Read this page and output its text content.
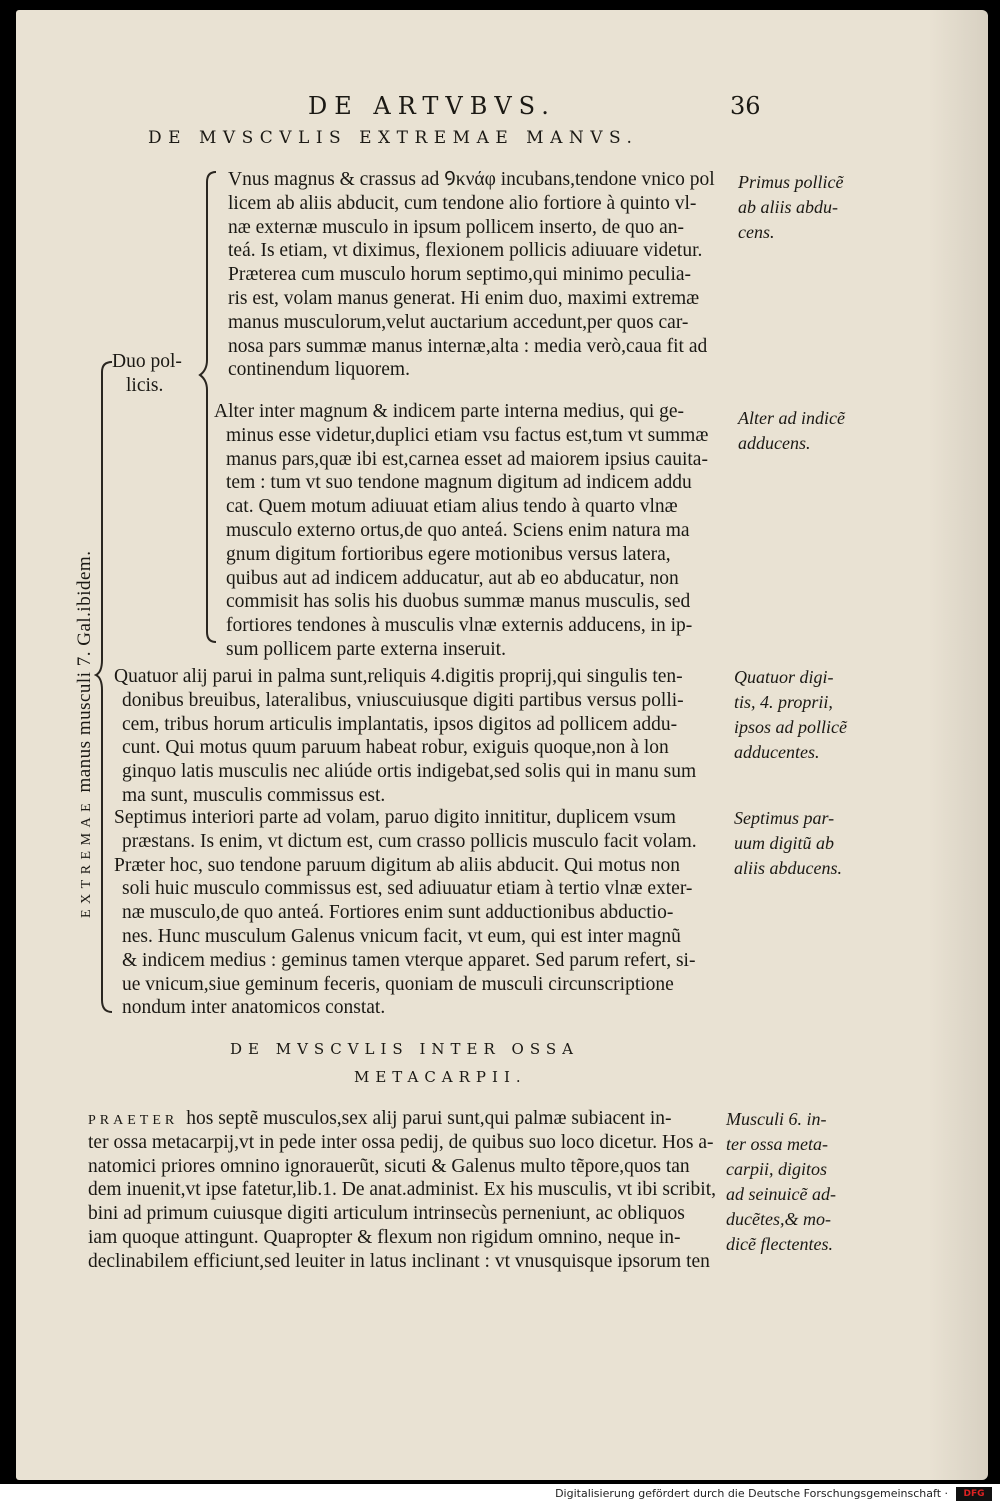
DE ARTVBVS.	36
DE MVSCVLIS EXTREMAE MANVS.
EXTREMAE manus musculi 7. Gal.ibidem.
Duo pol-
licis.
Vnus magnus & crassus ad Ꝯκνάφ incubans,tendone vnico pol
licem ab aliis abducit, cum tendone alio fortiore à quinto vl-
næ externæ musculo in ipsum pollicem inserto, de quo an-
teá. Is etiam, vt diximus, flexionem pollicis adiuuare videtur.
Præterea cum musculo horum septimo,qui minimo peculia-
ris est, volam manus generat. Hi enim duo, maximi extremæ
manus musculorum,velut auctarium accedunt,per quos car-
nosa pars summæ manus internæ,alta : media verò,caua fit ad
continendum liquorem.
Alter inter magnum & indicem parte interna medius, qui ge-
minus esse videtur,duplici etiam vsu factus est,tum vt summæ
manus pars,quæ ibi est,carnea esset ad maiorem ipsius cauita-
tem : tum vt suo tendone magnum digitum ad indicem addu
cat. Quem motum adiuuat etiam alius tendo à quarto vlnæ
musculo externo ortus,de quo anteá. Sciens enim natura ma
gnum digitum fortioribus egere motionibus versus latera,
quibus aut ad indicem adducatur, aut ab eo abducatur, non
commisit has solis his duobus summæ manus musculis, sed
fortiores tendones à musculis vlnæ externis adducens, in ip-
sum pollicem parte externa inseruit.
Quatuor alij parui in palma sunt,reliquis 4.digitis proprij,qui singulis ten-
donibus breuibus, lateralibus, vniuscuiusque digiti partibus versus polli-
cem, tribus horum articulis implantatis, ipsos digitos ad pollicem addu-
cunt. Qui motus quum paruum habeat robur, exiguis quoque,non à lon
ginquo latis musculis nec aliúde ortis indigebat,sed solis qui in manu sum
ma sunt, musculis commissus est.
Septimus interiori parte ad volam, paruo digito innititur, duplicem vsum
præstans. Is enim, vt dictum est, cum crasso pollicis musculo facit volam.
Præter hoc, suo tendone paruum digitum ab aliis abducit. Qui motus non
soli huic musculo commissus est, sed adiuuatur etiam à tertio vlnæ exter-
næ musculo,de quo anteá. Fortiores enim sunt adductionibus abductio-
nes. Hunc musculum Galenus vnicum facit, vt eum, qui est inter magnũ
& indicem medius : geminus tamen vterque apparet. Sed parum refert, si-
ue vnicum,siue geminum feceris, quoniam de musculi circunscriptione
nondum inter anatomicos constat.
DE MVSCVLIS INTER OSSA
METACARPII.
PRAETER hos septẽ musculos,sex alij parui sunt,qui palmæ subiacent in-
ter ossa metacarpij,vt in pede inter ossa pedij, de quibus suo loco dicetur. Hos a-
natomici priores omnino ignorauerũt, sicuti & Galenus multo tẽpore,quos tan
dem inuenit,vt ipse fatetur,lib.1. De anat.administ. Ex his musculis, vt ibi scribit,
bini ad primum cuiusque digiti articulum intrinsecùs perneniunt, ac obliquos
iam quoque attingunt. Quapropter & flexum non rigidum omnino, neque in-
declinabilem efficiunt,sed leuiter in latus inclinant : vt vnusquisque ipsorum ten
Primus pollicẽ
ab aliis abdu-
cens.
Alter ad indicẽ
adducens.
Quatuor digi-
tis, 4. proprii,
ipsos ad pollicẽ
adducentes.
Septimus par-
uum digitũ ab
aliis abducens.
Musculi 6. in-
ter ossa meta-
carpii, digitos
ad seinuicẽ ad-
ducẽtes,& mo-
dicẽ flectentes.
Digitalisierung gefördert durch die Deutsche Forschungsgemeinschaft ·	DFG
